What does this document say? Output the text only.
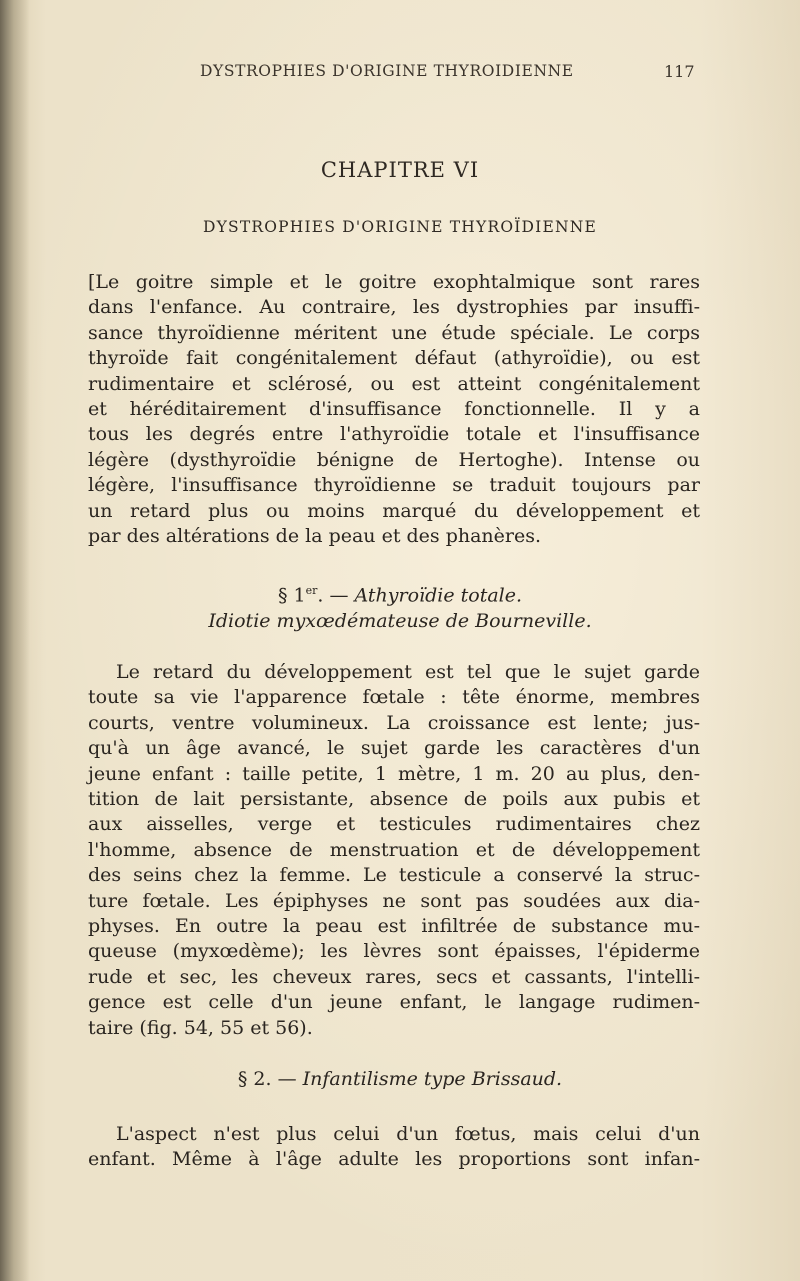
DYSTROPHIES D'ORIGINE THYROIDIENNE	117
CHAPITRE VI
DYSTROPHIES D'ORIGINE THYROÏDIENNE
[Le goitre simple et le goitre exophtalmique sont rares
dans l'enfance. Au contraire, les dystrophies par insuffi-
sance thyroïdienne méritent une étude spéciale. Le corps
thyroïde fait congénitalement défaut (athyroïdie), ou est
rudimentaire et sclérosé, ou est atteint congénitalement
et héréditairement d'insuffisance fonctionnelle. Il y a
tous les degrés entre l'athyroïdie totale et l'insuffisance
légère (dysthyroïdie bénigne de Hertoghe). Intense ou
légère, l'insuffisance thyroïdienne se traduit toujours par
un retard plus ou moins marqué du développement et
par des altérations de la peau et des phanères.
§ 1er. — Athyroïdie totale.
Idiotie myxœdémateuse de Bourneville.
Le retard du développement est tel que le sujet garde
toute sa vie l'apparence fœtale : tête énorme, membres
courts, ventre volumineux. La croissance est lente; jus-
qu'à un âge avancé, le sujet garde les caractères d'un
jeune enfant : taille petite, 1 mètre, 1 m. 20 au plus, den-
tition de lait persistante, absence de poils aux pubis et
aux aisselles, verge et testicules rudimentaires chez
l'homme, absence de menstruation et de développement
des seins chez la femme. Le testicule a conservé la struc-
ture fœtale. Les épiphyses ne sont pas soudées aux dia-
physes. En outre la peau est infiltrée de substance mu-
queuse (myxœdème); les lèvres sont épaisses, l'épiderme
rude et sec, les cheveux rares, secs et cassants, l'intelli-
gence est celle d'un jeune enfant, le langage rudimen-
taire (fig. 54, 55 et 56).
§ 2. — Infantilisme type Brissaud.
L'aspect n'est plus celui d'un fœtus, mais celui d'un
enfant. Même à l'âge adulte les proportions sont infan-
